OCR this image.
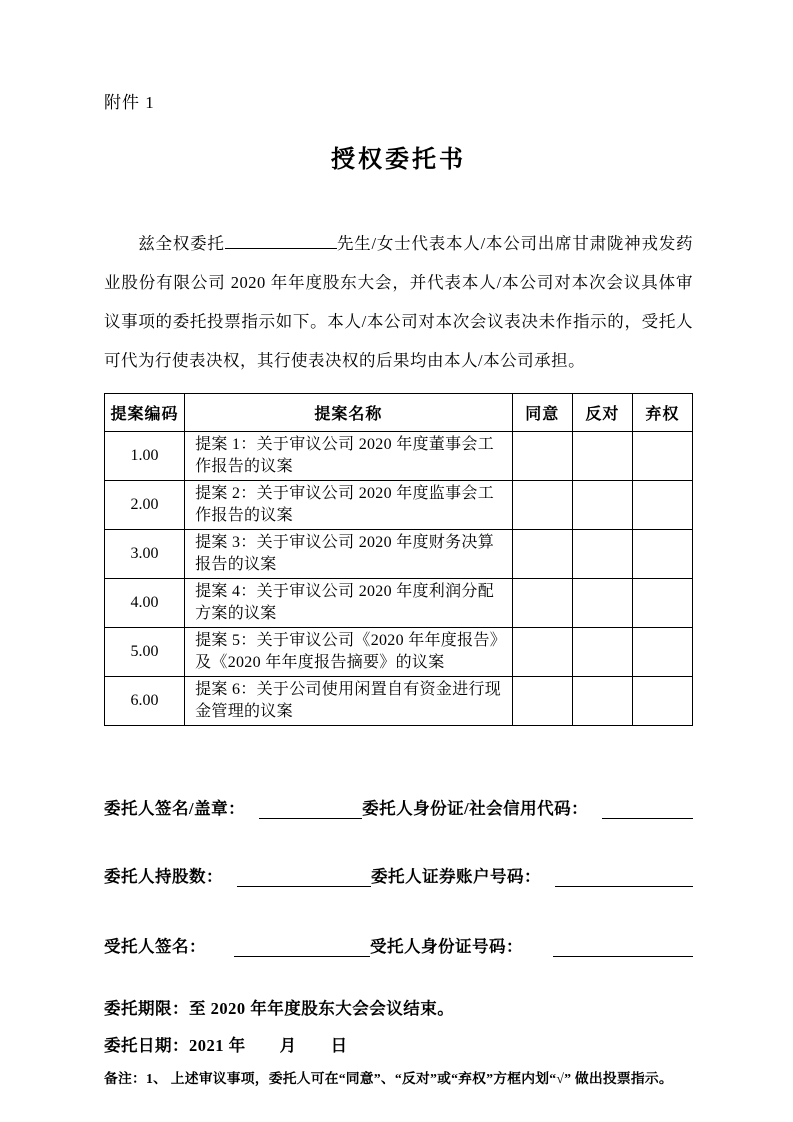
附件 1
授权委托书

兹全权委托	先生/女士代表本人/本公司出席甘肃陇神戎发药业股份有限公司 2020 年年度股东大会，并代表本人/本公司对本次会议具体审议事项的委托投票指示如下。本人/本公司对本次会议表决未作指示的，受托人可代为行使表决权，其行使表决权的后果均由本人/本公司承担。

提案编码	提案名称	同意	反对	弃权
1.00	提案 1：关于审议公司 2020 年度董事会工作报告的议案			
2.00	提案 2：关于审议公司 2020 年度监事会工作报告的议案			
3.00	提案 3：关于审议公司 2020 年度财务决算报告的议案			
4.00	提案 4：关于审议公司 2020 年度利润分配方案的议案			
5.00	提案 5：关于审议公司《2020 年年度报告》及《2020 年年度报告摘要》的议案			
6.00	提案 6：关于公司使用闲置自有资金进行现金管理的议案			
委托人签名/盖章：	委托人身份证/社会信用代码：
委托人持股数：	委托人证券账户号码：
受托人签名：	受托人身份证号码：
委托期限：至 2020 年年度股东大会会议结束。
委托日期：2021 年　　月　　日
备注：1、 上述审议事项，委托人可在“同意”、“反对”或“弃权”方框内划“√” 做出投票指示。
